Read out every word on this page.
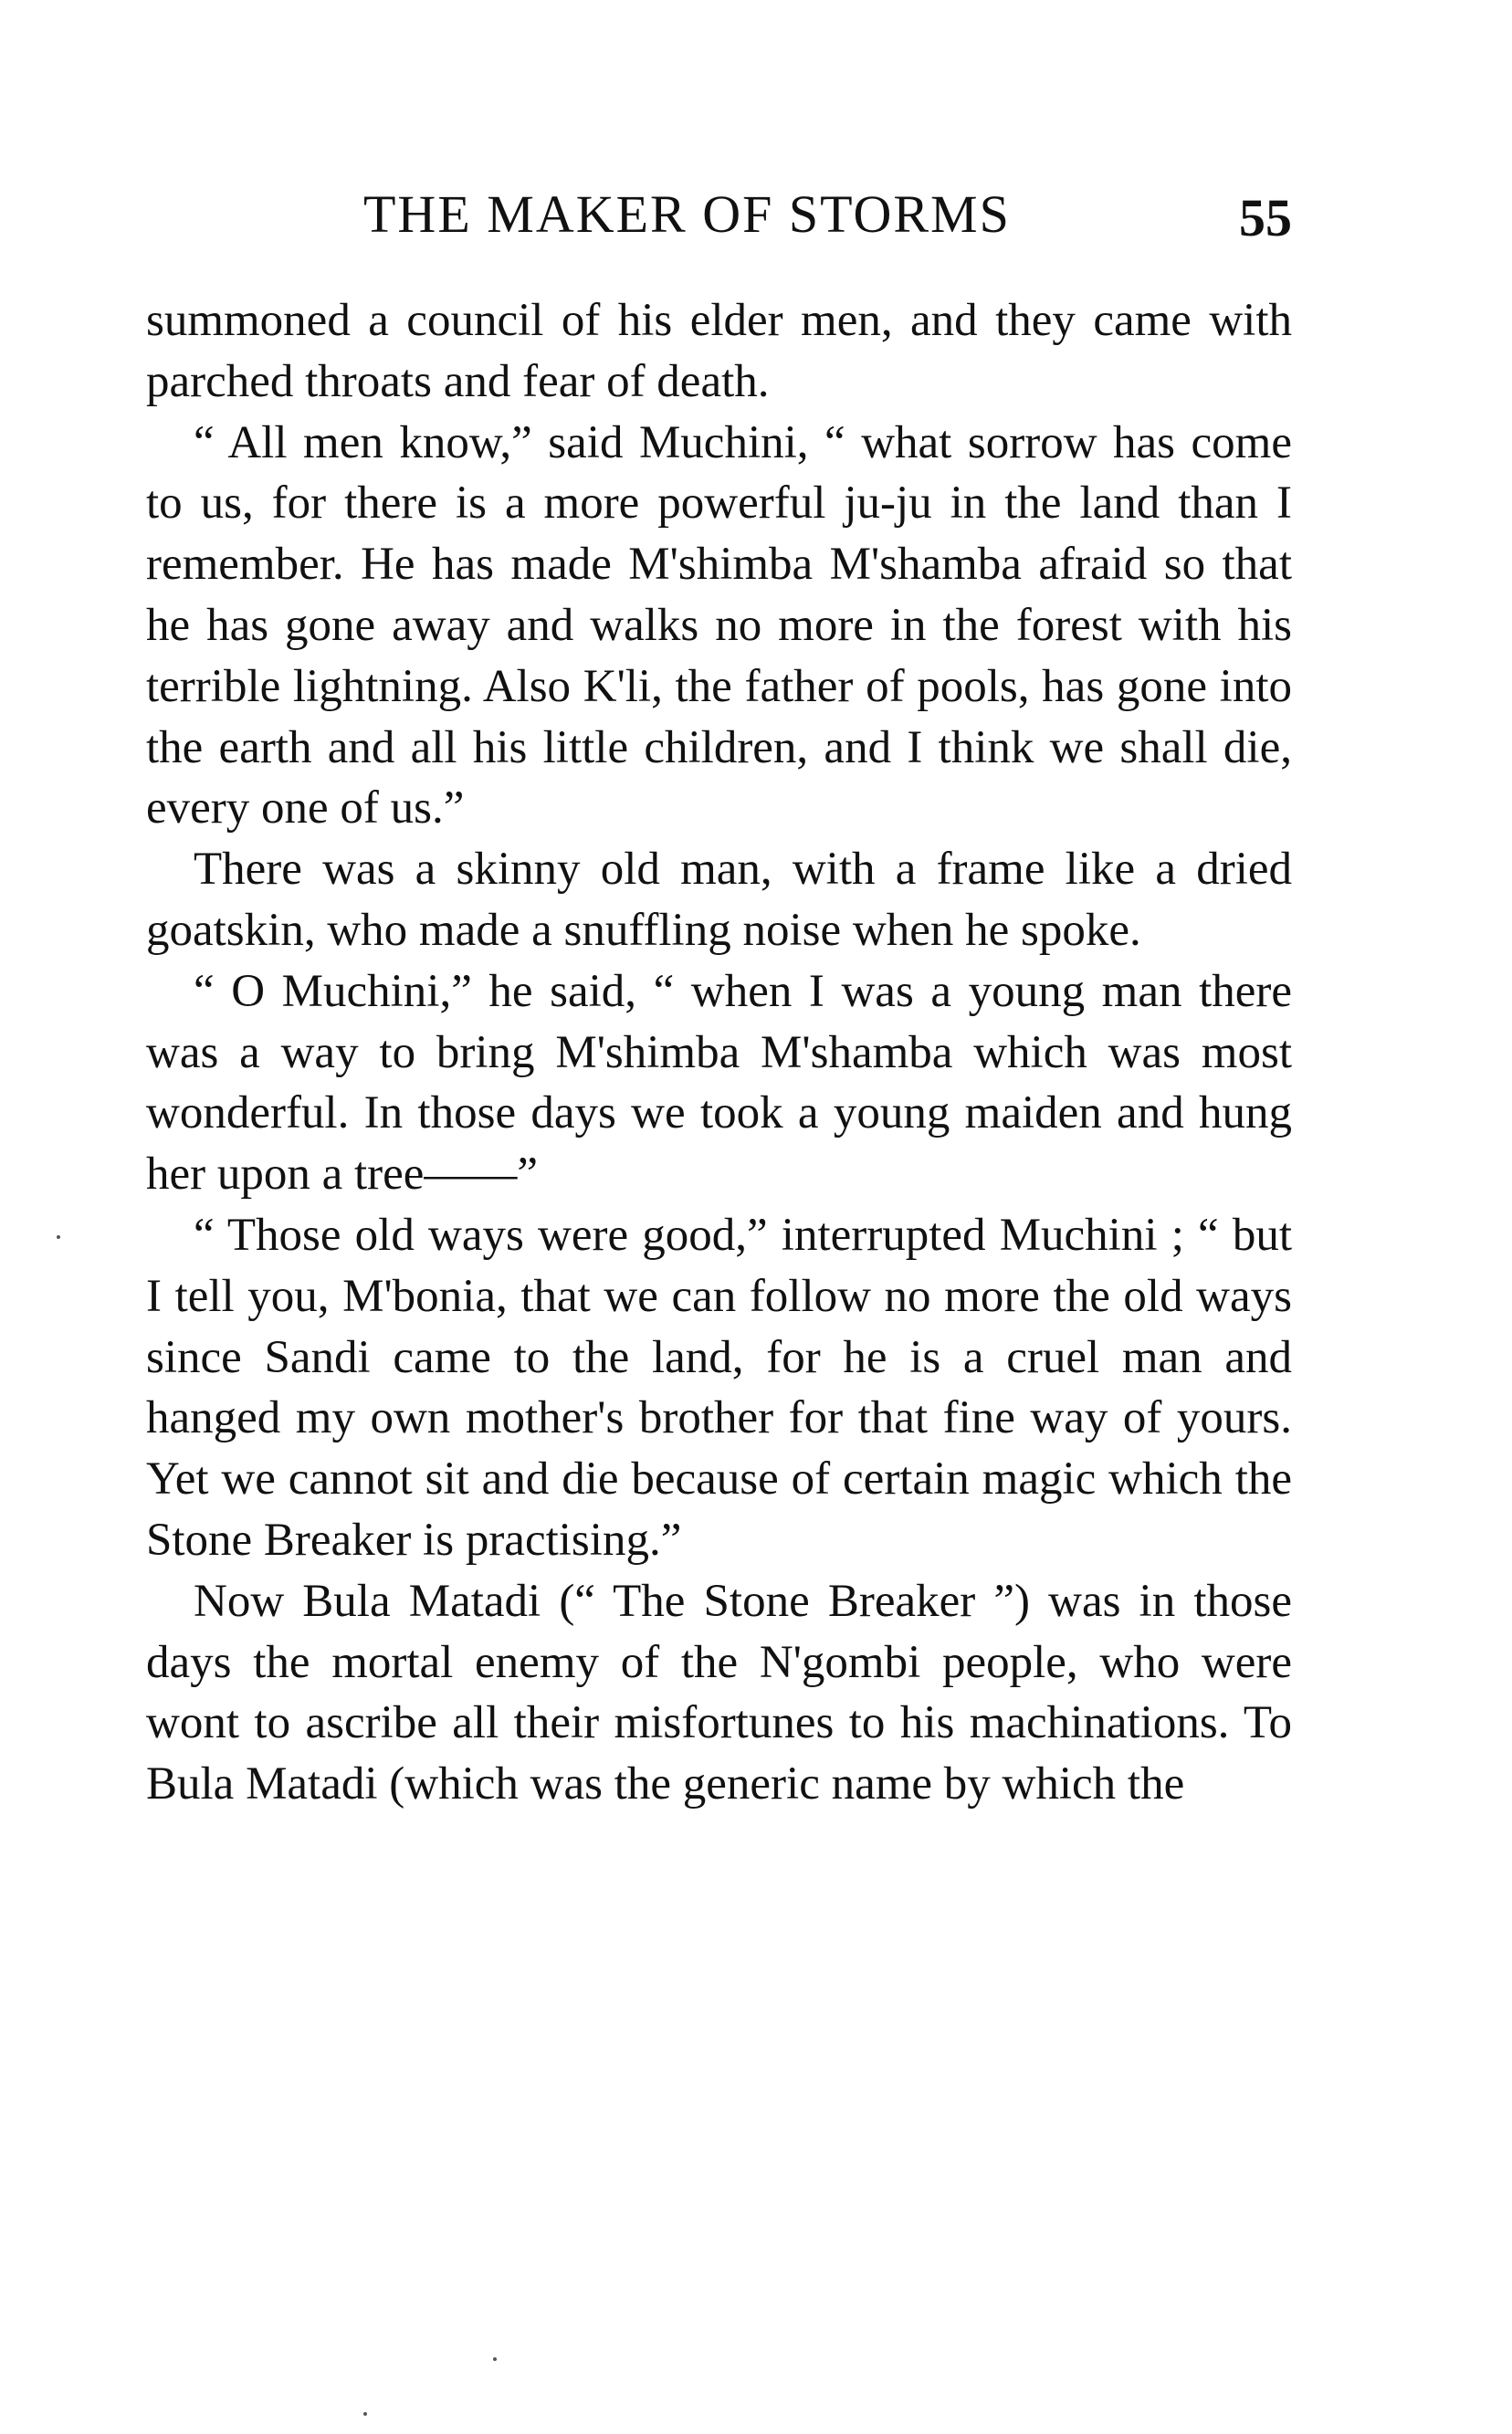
THE MAKER OF STORMS	55

summoned a council of his elder men, and they came with parched throats and fear of death.

“ All men know,” said Muchini, “ what sorrow has come to us, for there is a more powerful ju-ju in the land than I remember. He has made M'shimba M'shamba afraid so that he has gone away and walks no more in the forest with his terrible lightning. Also K'li, the father of pools, has gone into the earth and all his little children, and I think we shall die, every one of us.”

There was a skinny old man, with a frame like a dried goatskin, who made a snuffling noise when he spoke.

“ O Muchini,” he said, “ when I was a young man there was a way to bring M'shimba M'shamba which was most wonderful. In those days we took a young maiden and hung her upon a tree——”

“ Those old ways were good,” interrupted Muchini ; “ but I tell you, M'bonia, that we can follow no more the old ways since Sandi came to the land, for he is a cruel man and hanged my own mother's brother for that fine way of yours. Yet we cannot sit and die because of certain magic which the Stone Breaker is practising.”

Now Bula Matadi (“ The Stone Breaker ”) was in those days the mortal enemy of the N'gombi people, who were wont to ascribe all their misfortunes to his machinations. To Bula Matadi (which was the generic name by which the
